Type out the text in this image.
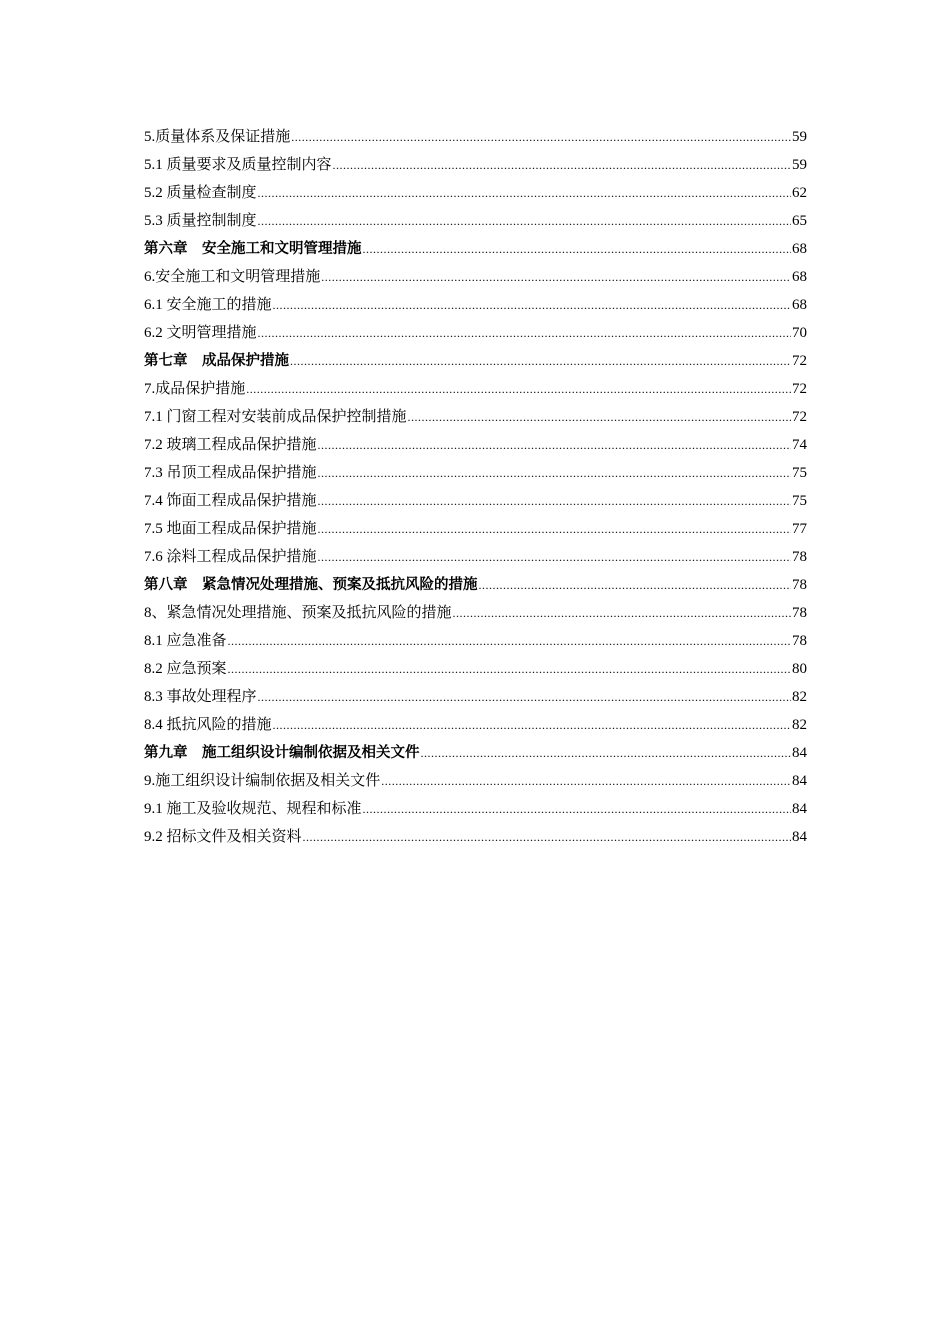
5.质量体系及保证措施 .....	59
5.1 质量要求及质量控制内容 .....	59
5.2 质量检查制度 .....	62
5.3 质量控制制度 .....	65
第六章　安全施工和文明管理措施 .....	68
6.安全施工和文明管理措施 .....	68
6.1 安全施工的措施 .....	68
6.2 文明管理措施 .....	70
第七章　成品保护措施 .....	72
7.成品保护措施 .....	72
7.1 门窗工程对安装前成品保护控制措施 .....	72
7.2 玻璃工程成品保护措施 .....	74
7.3 吊顶工程成品保护措施 .....	75
7.4 饰面工程成品保护措施 .....	75
7.5 地面工程成品保护措施 .....	77
7.6 涂料工程成品保护措施 .....	78
第八章　紧急情况处理措施、预案及抵抗风险的措施 .....	78
8、紧急情况处理措施、预案及抵抗风险的措施 .....	78
8.1 应急准备 .....	78
8.2 应急预案 .....	80
8.3 事故处理程序 .....	82
8.4 抵抗风险的措施 .....	82
第九章　施工组织设计编制依据及相关文件 .....	84
9.施工组织设计编制依据及相关文件 .....	84
9.1 施工及验收规范、规程和标准 .....	84
9.2 招标文件及相关资料 .....	84
